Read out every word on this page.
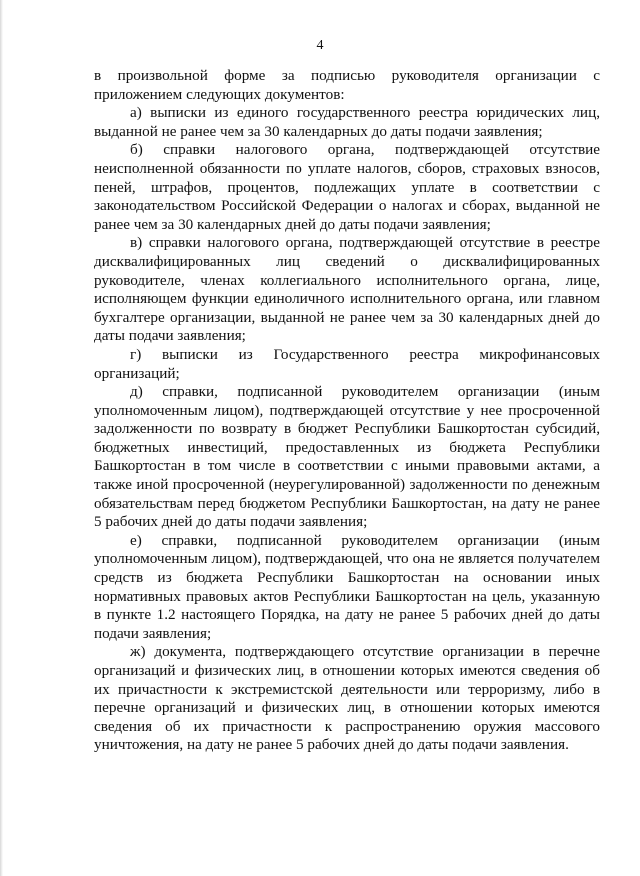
4

в произвольной форме за подписью руководителя организации с приложением следующих документов:

а) выписки из единого государственного реестра юридических лиц, выданной не ранее чем за 30 календарных до даты подачи заявления;

б) справки налогового органа, подтверждающей отсутствие неисполненной обязанности по уплате налогов, сборов, страховых взносов, пеней, штрафов, процентов, подлежащих уплате в соответствии с законодательством Российской Федерации о налогах и сборах, выданной не ранее чем за 30 календарных дней до даты подачи заявления;

в) справки налогового органа, подтверждающей отсутствие в реестре дисквалифицированных лиц сведений о дисквалифицированных руководителе, членах коллегиального исполнительного органа, лице, исполняющем функции единоличного исполнительного органа, или главном бухгалтере организации, выданной не ранее чем за 30 календарных дней до даты подачи заявления;

г) выписки из Государственного реестра микрофинансовых организаций;

д) справки, подписанной руководителем организации (иным уполномоченным лицом), подтверждающей отсутствие у нее просроченной задолженности по возврату в бюджет Республики Башкортостан субсидий, бюджетных инвестиций, предоставленных из бюджета Республики Башкортостан в том числе в соответствии с иными правовыми актами, а также иной просроченной (неурегулированной) задолженности по денежным обязательствам перед бюджетом Республики Башкортостан, на дату не ранее 5 рабочих дней до даты подачи заявления;

е) справки, подписанной руководителем организации (иным уполномоченным лицом), подтверждающей, что она не является получателем средств из бюджета Республики Башкортостан на основании иных нормативных правовых актов Республики Башкортостан на цель, указанную в пункте 1.2 настоящего Порядка, на дату не ранее 5 рабочих дней до даты подачи заявления;

ж) документа, подтверждающего отсутствие организации в перечне организаций и физических лиц, в отношении которых имеются сведения об их причастности к экстремистской деятельности или терроризму, либо в перечне организаций и физических лиц, в отношении которых имеются сведения об их причастности к распространению оружия массового уничтожения, на дату не ранее 5 рабочих дней до даты подачи заявления.
